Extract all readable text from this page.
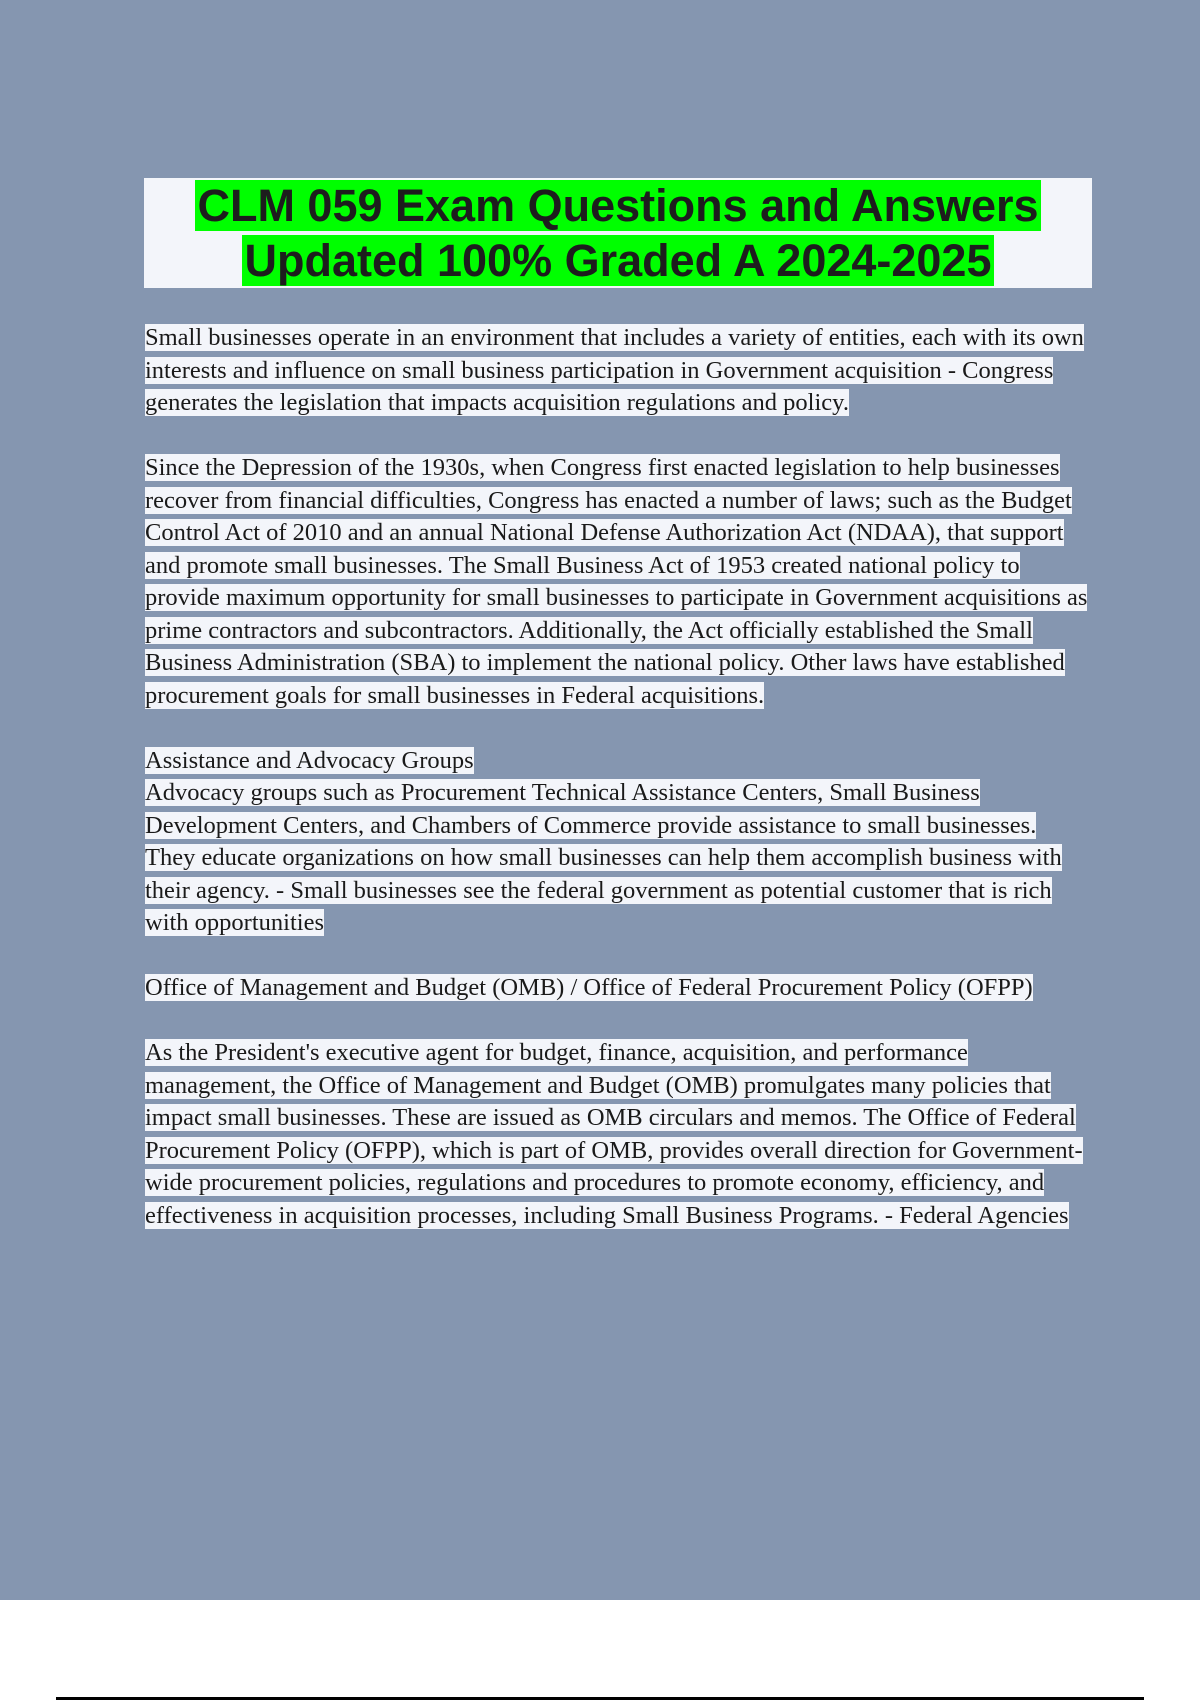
CLM 059 Exam Questions and Answers
Updated 100% Graded A 2024-2025

Small businesses operate in an environment that includes a variety of entities, each with its own interests and influence on small business participation in Government acquisition - Congress generates the legislation that impacts acquisition regulations and policy.

Since the Depression of the 1930s, when Congress first enacted legislation to help businesses recover from financial difficulties, Congress has enacted a number of laws; such as the Budget Control Act of 2010 and an annual National Defense Authorization Act (NDAA), that support and promote small businesses. The Small Business Act of 1953 created national policy to provide maximum opportunity for small businesses to participate in Government acquisitions as prime contractors and subcontractors. Additionally, the Act officially established the Small Business Administration (SBA) to implement the national policy. Other laws have established procurement goals for small businesses in Federal acquisitions.

Assistance and Advocacy Groups

Advocacy groups such as Procurement Technical Assistance Centers, Small Business Development Centers, and Chambers of Commerce provide assistance to small businesses.

They educate organizations on how small businesses can help them accomplish business with their agency. - Small businesses see the federal government as potential customer that is rich with opportunities

Office of Management and Budget (OMB) / Office of Federal Procurement Policy (OFPP)

As the President's executive agent for budget, finance, acquisition, and performance management, the Office of Management and Budget (OMB) promulgates many policies that impact small businesses. These are issued as OMB circulars and memos. The Office of Federal Procurement Policy (OFPP), which is part of OMB, provides overall direction for Government-wide procurement policies, regulations and procedures to promote economy, efficiency, and effectiveness in acquisition processes, including Small Business Programs. - Federal Agencies
